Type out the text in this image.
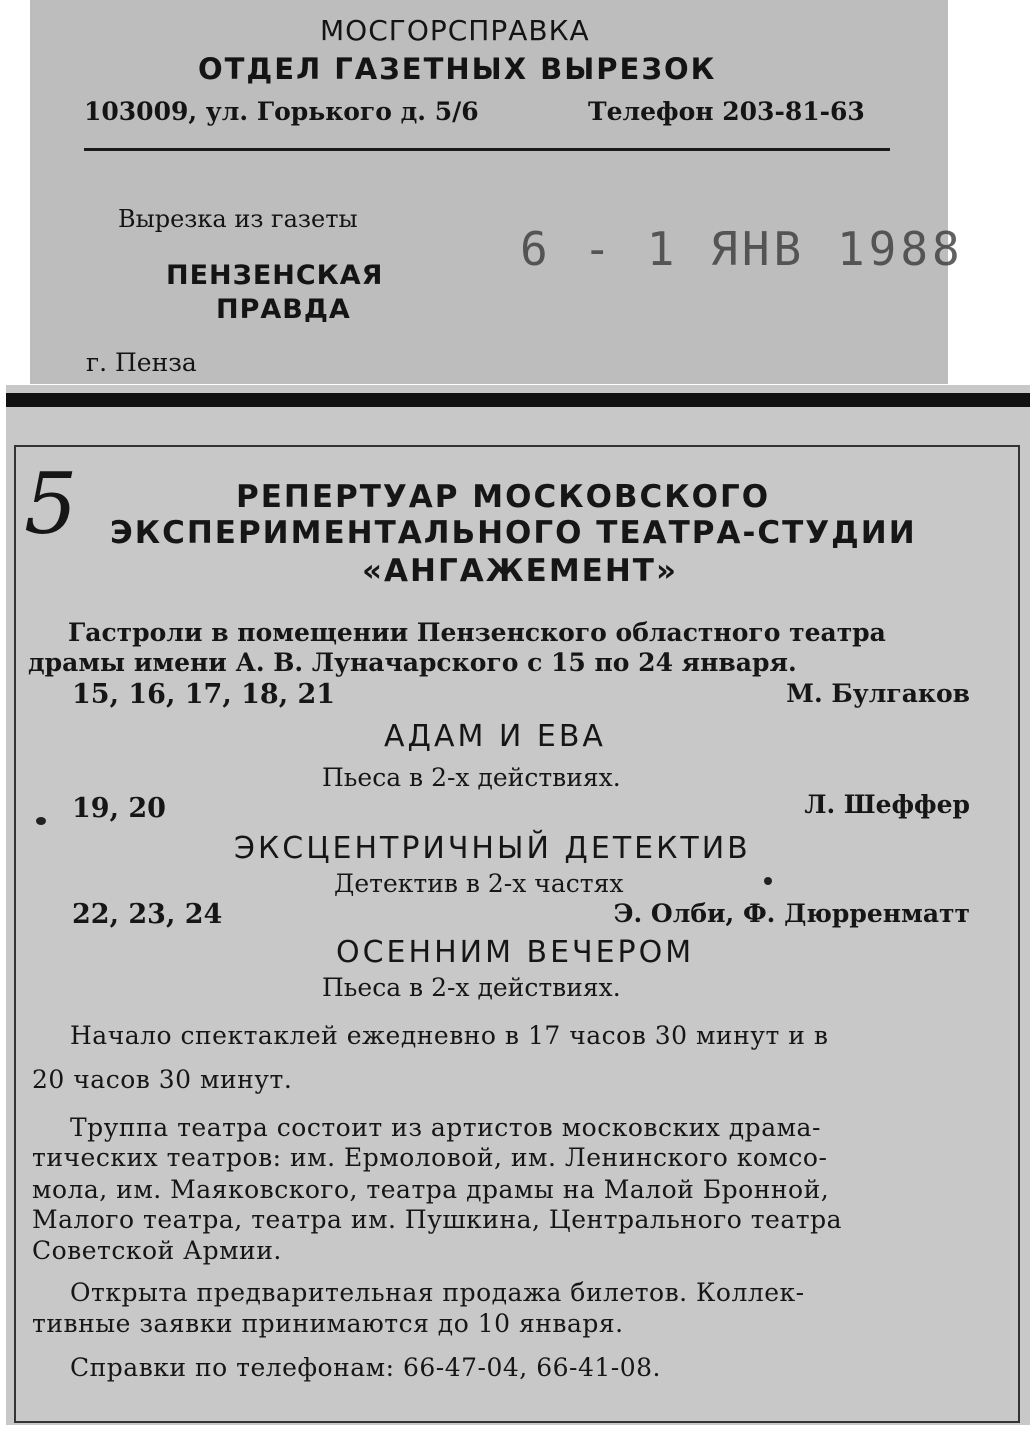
МОСГОРСПРАВКА
ОТДЕЛ ГАЗЕТНЫХ ВЫРЕЗОК
103009, ул. Горького д. 5/6	Телефон 203-81-63
Вырезка из газеты
ПЕНЗЕНСКАЯ
ПРАВДА
г. Пенза
6 - 1 ЯНВ 1988
5	РЕПЕРТУАР МОСКОВСКОГО
ЭКСПЕРИМЕНТАЛЬНОГО ТЕАТРА-СТУДИИ
«АНГАЖЕМЕНТ»
Гастроли в помещении Пензенского областного театра
драмы имени А. В. Луначарского с 15 по 24 января.
15, 16, 17, 18, 21	М. Булгаков
АДАМ И ЕВА
Пьеса в 2-х действиях.
19, 20	Л. Шеффер
ЭКСЦЕНТРИЧНЫЙ ДЕТЕКТИВ
Детектив в 2-х частях
22, 23, 24	Э. Олби, Ф. Дюрренматт
ОСЕННИМ ВЕЧЕРОМ
Пьеса в 2-х действиях.
Начало спектаклей ежедневно в 17 часов 30 минут и в
20 часов 30 минут.
Труппа театра состоит из артистов московских драма-
тических театров: им. Ермоловой, им. Ленинского комсо-
мола, им. Маяковского, театра драмы на Малой Бронной,
Малого театра, театра им. Пушкина, Центрального театра
Советской Армии.
Открыта предварительная продажа билетов. Коллек-
тивные заявки принимаются до 10 января.
Справки по телефонам: 66-47-04, 66-41-08.
